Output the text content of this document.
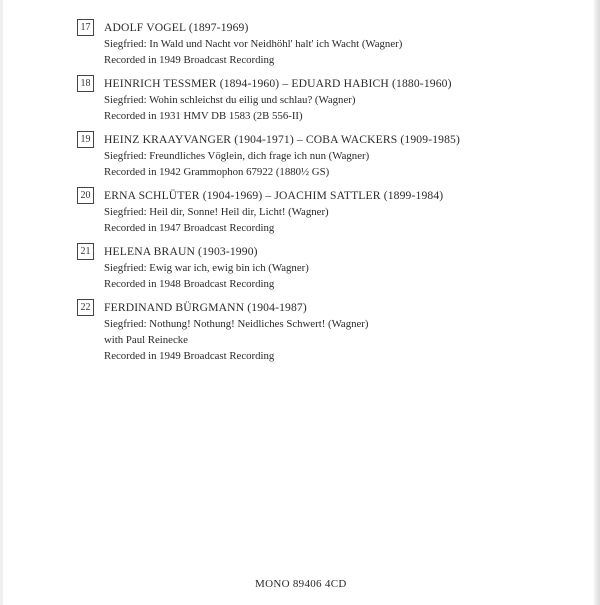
17	ADOLF VOGEL (1897-1969)
Siegfried: In Wald und Nacht vor Neidhöhl' halt' ich Wacht (Wagner)
Recorded in 1949 Broadcast Recording
18	HEINRICH TESSMER (1894-1960) – EDUARD HABICH (1880-1960)
Siegfried: Wohin schleichst du eilig und schlau? (Wagner)
Recorded in 1931 HMV DB 1583 (2B 556-II)
19	HEINZ KRAAYVANGER (1904-1971) – COBA WACKERS (1909-1985)
Siegfried: Freundliches Vöglein, dich frage ich nun (Wagner)
Recorded in 1942 Grammophon 67922 (1880½ GS)
20	ERNA SCHLÜTER (1904-1969) – JOACHIM SATTLER (1899-1984)
Siegfried: Heil dir, Sonne! Heil dir, Licht! (Wagner)
Recorded in 1947 Broadcast Recording
21	HELENA BRAUN (1903-1990)
Siegfried: Ewig war ich, ewig bin ich (Wagner)
Recorded in 1948 Broadcast Recording
22	FERDINAND BÜRGMANN (1904-1987)
Siegfried: Nothung! Nothung! Neidliches Schwert! (Wagner)
with Paul Reinecke
Recorded in 1949 Broadcast Recording
MONO 89406 4CD
